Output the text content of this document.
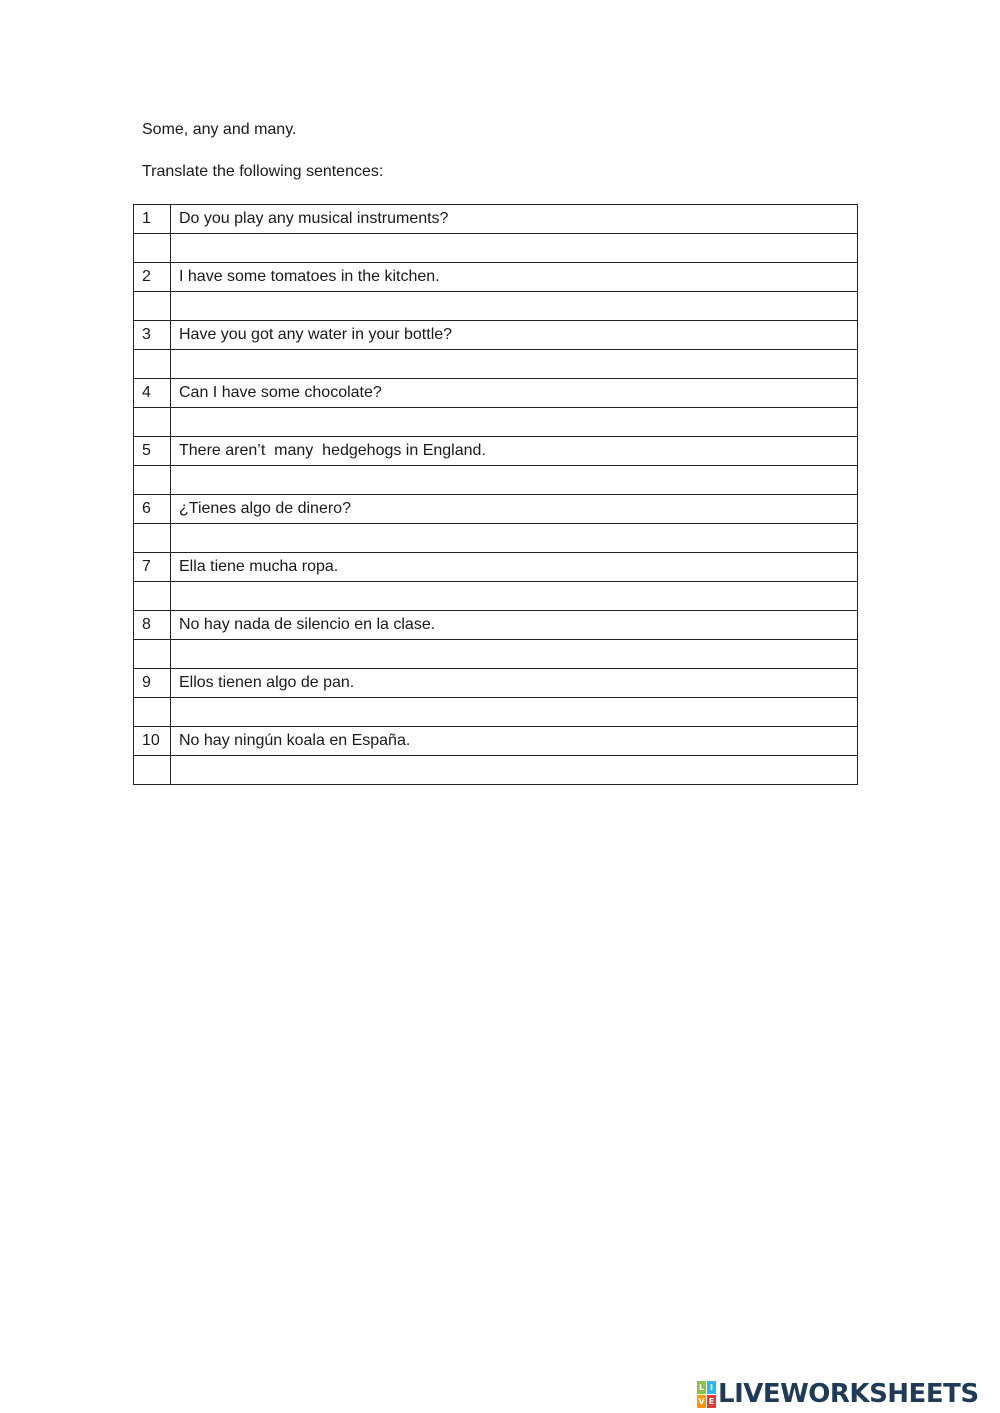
Some, any and many.
Translate the following sentences:
1	Do you play any musical instruments?

2	I have some tomatoes in the kitchen.

3	Have you got any water in your bottle?

4	Can I have some chocolate?

5	There aren’t  many  hedgehogs in England.

6	¿Tienes algo de dinero?

7	Ella tiene mucha ropa.

8	No hay nada de silencio en la clase.

9	Ellos tienen algo de pan.

10	No hay ningún koala en España.

L I
V E LIVEWORKSHEETS
